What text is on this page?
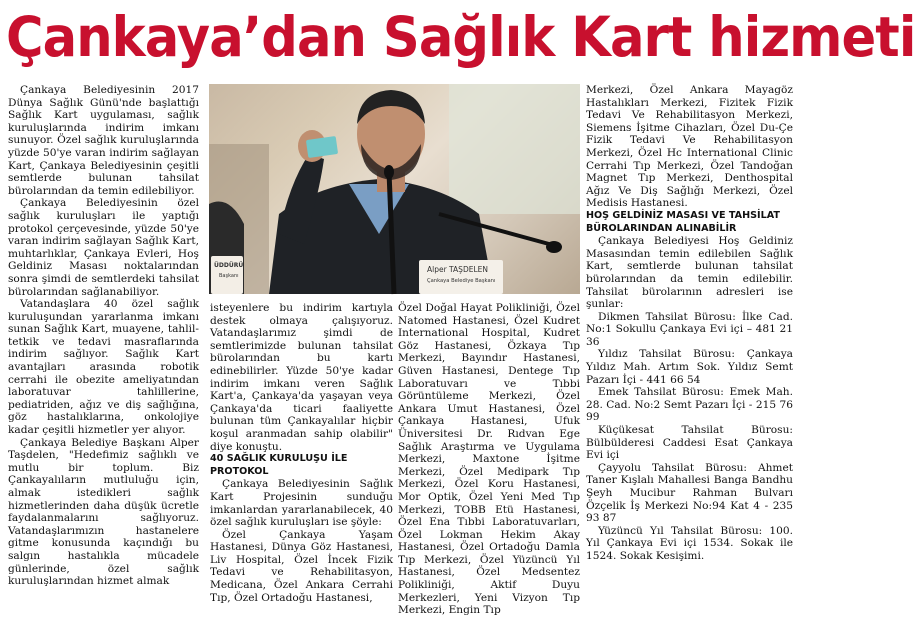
Çankaya’dan Sağlık Kart hizmeti

Çankaya Belediyesinin 2017 Dünya Sağlık Günü'nde başlattığı Sağlık Kart uygulaması, sağlık kuruluşlarında indirim imkanı sunuyor. Özel sağlık kuruluşlarında yüzde 50'ye varan indirim sağlayan Kart, Çankaya Belediyesinin çeşitli semtlerde bulunan tahsilat bürolarından da temin edilebiliyor.

Çankaya Belediyesinin özel sağlık kuruluşları ile yaptığı protokol çerçevesinde, yüzde 50'ye varan indirim sağlayan Sağlık Kart, muhtarlıklar, Çankaya Evleri, Hoş Geldiniz Masası noktalarından sonra şimdi de semtlerdeki tahsilat bürolarından sağlanabiliyor.

Vatandaşlara 40 özel sağlık kuruluşundan yararlanma imkanı sunan Sağlık Kart, muayene, tahlil-tetkik ve tedavi masraflarında indirim sağlıyor. Sağlık Kart avantajları arasında robotik cerrahi ile obezite ameliyatından laboratuvar tahlillerine, pediatriden, ağız ve diş sağlığına, göz hastalıklarına, onkolojiye kadar çeşitli hizmetler yer alıyor.

Çankaya Belediye Başkanı Alper Taşdelen, "Hedefimiz sağlıklı ve mutlu bir toplum. Biz Çankayalıların mutluluğu için, almak istedikleri sağlık hizmetlerinden daha düşük ücretle faydalanmalarını sağlıyoruz. Vatandaşlarımızın hastanelere gitme konusunda kaçındığı bu salgın hastalıkla mücadele günlerinde, özel sağlık kuruluşlarından hizmet almak

ÜDDÜRÜ
Başkanı
Alper TAŞDELEN
Çankaya Belediye Başkanı

isteyenlere bu indirim kartıyla destek olmaya çalışıyoruz. Vatandaşlarımız şimdi de semtlerimizde bulunan tahsilat bürolarından bu kartı edinebilirler. Yüzde 50'ye kadar indirim imkanı veren Sağlık Kart'a, Çankaya'da yaşayan veya Çankaya'da ticari faaliyette bulunan tüm Çankayalılar hiçbir koşul aranmadan sahip olabilir" diye konuştu.

40 SAĞLIK KURULUŞU İLE PROTOKOL

Çankaya Belediyesinin Sağlık Kart Projesinin sunduğu imkanlardan yararlanabilecek, 40 özel sağlık kuruluşları ise şöyle:

Özel Çankaya Yaşam Hastanesi, Dünya Göz Hastanesi, Liv Hospital, Özel İncek Fizik Tedavi ve Rehabilitasyon, Medicana, Özel Ankara Cerrahi Tıp, Özel Ortadoğu Hastanesi,

Özel Doğal Hayat Polikliniği, Özel Natomed Hastanesi, Özel Kudret International Hospital, Kudret Göz Hastanesi, Özkaya Tıp Merkezi, Bayındır Hastanesi, Güven Hastanesi, Dentege Tıp Laboratuvarı ve Tıbbi Görüntüleme Merkezi, Özel Ankara Umut Hastanesi, Özel Çankaya Hastanesi, Ufuk Üniversitesi Dr. Rıdvan Ege Sağlık Araştırma ve Uygulama Merkezi, Maxtone İşitme Merkezi, Özel Medipark Tıp Merkezi, Özel Koru Hastanesi, Mor Optik, Özel Yeni Med Tıp Merkezi, TOBB Etü Hastanesi, Özel Ena Tıbbi Laboratuvarları, Özel Lokman Hekim Akay Hastanesi, Özel Ortadoğu Damla Tıp Merkezi, Özel Yüzüncü Yıl Hastanesi, Özel Medsentez Polikliniği, Aktif Duyu Merkezleri, Yeni Vizyon Tıp Merkezi, Engin Tıp

Merkezi, Özel Ankara Mayagöz Hastalıkları Merkezi, Fizitek Fizik Tedavi Ve Rehabilitasyon Merkezi, Siemens İşitme Cihazları, Özel Du-Çe Fizik Tedavi Ve Rehabilitasyon Merkezi, Özel Hc International Clinic Cerrahi Tıp Merkezi, Özel Tandoğan Magnet Tıp Merkezi, Denthospital Ağız Ve Diş Sağlığı Merkezi, Özel Medisis Hastanesi.

HOŞ GELDİNİZ MASASI VE TAHSİLAT BÜROLARINDAN ALINABİLİR

Çankaya Belediyesi Hoş Geldiniz Masasından temin edilebilen Sağlık Kart, semtlerde bulunan tahsilat bürolarından da temin edilebilir. Tahsilat bürolarının adresleri ise şunlar:

Dikmen Tahsilat Bürosu: İlke Cad. No:1 Sokullu Çankaya Evi içi – 481 21 36

Yıldız Tahsilat Bürosu: Çankaya Yıldız Mah. Artım Sok. Yıldız Semt Pazarı İçi - 441 66 54

Emek Tahsilat Bürosu: Emek Mah. 28. Cad. No:2 Semt Pazarı İçi - 215 76 99

Küçükesat Tahsilat Bürosu: Bülbülderesi Caddesi Esat Çankaya Evi içi

Çayyolu Tahsilat Bürosu: Ahmet Taner Kışlalı Mahallesi Banga Bandhu Şeyh Mucibur Rahman Bulvarı Özçelik İş Merkezi No:94 Kat 4 - 235 93 87

Yüzüncü Yıl Tahsilat Bürosu: 100. Yıl Çankaya Evi içi 1534. Sokak ile 1524. Sokak Kesişimi.
